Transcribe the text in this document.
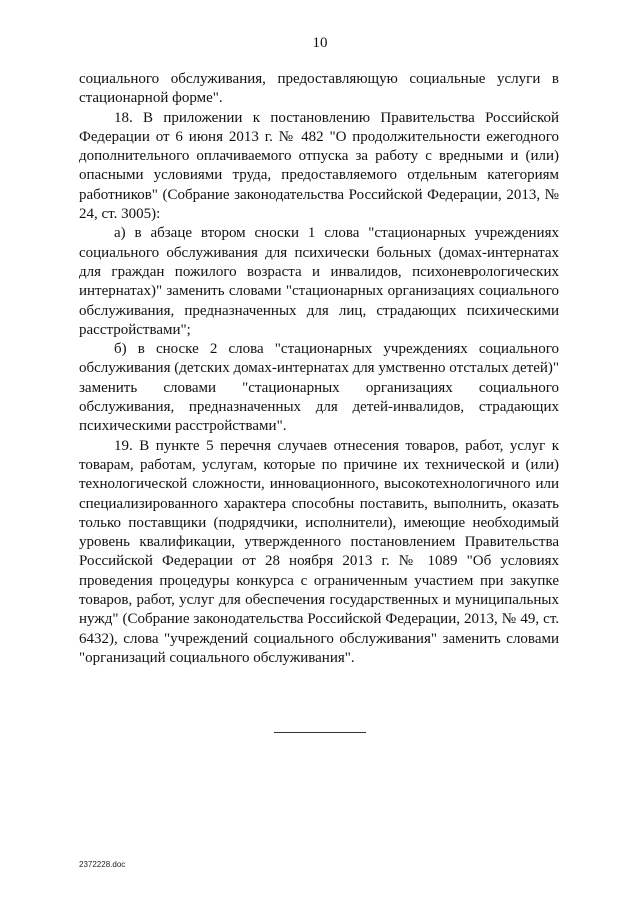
10

социального обслуживания, предоставляющую социальные услуги в стационарной форме".

18. В приложении к постановлению Правительства Российской Федерации от 6 июня 2013 г. № 482 "О продолжительности ежегодного дополнительного оплачиваемого отпуска за работу с вредными и (или) опасными условиями труда, предоставляемого отдельным категориям работников" (Собрание законодательства Российской Федерации, 2013, № 24, ст. 3005):

а) в абзаце втором сноски 1 слова "стационарных учреждениях социального обслуживания для психически больных (домах-интернатах для граждан пожилого возраста и инвалидов, психоневрологических интернатах)" заменить словами "стационарных организациях социального обслуживания, предназначенных для лиц, страдающих психическими расстройствами";

б) в сноске 2 слова "стационарных учреждениях социального обслуживания (детских домах-интернатах для умственно отсталых детей)" заменить словами "стационарных организациях социального обслуживания, предназначенных для детей-инвалидов, страдающих психическими расстройствами".

19. В пункте 5 перечня случаев отнесения товаров, работ, услуг к товарам, работам, услугам, которые по причине их технической и (или) технологической сложности, инновационного, высокотехнологичного или специализированного характера способны поставить, выполнить, оказать только поставщики (подрядчики, исполнители), имеющие необходимый уровень квалификации, утвержденного постановлением Правительства Российской Федерации от 28 ноября 2013 г. № 1089 "Об условиях проведения процедуры конкурса с ограниченным участием при закупке товаров, работ, услуг для обеспечения государственных и муниципальных нужд" (Собрание законодательства Российской Федерации, 2013, № 49, ст. 6432), слова "учреждений социального обслуживания" заменить словами "организаций социального обслуживания".

2372228.doc
